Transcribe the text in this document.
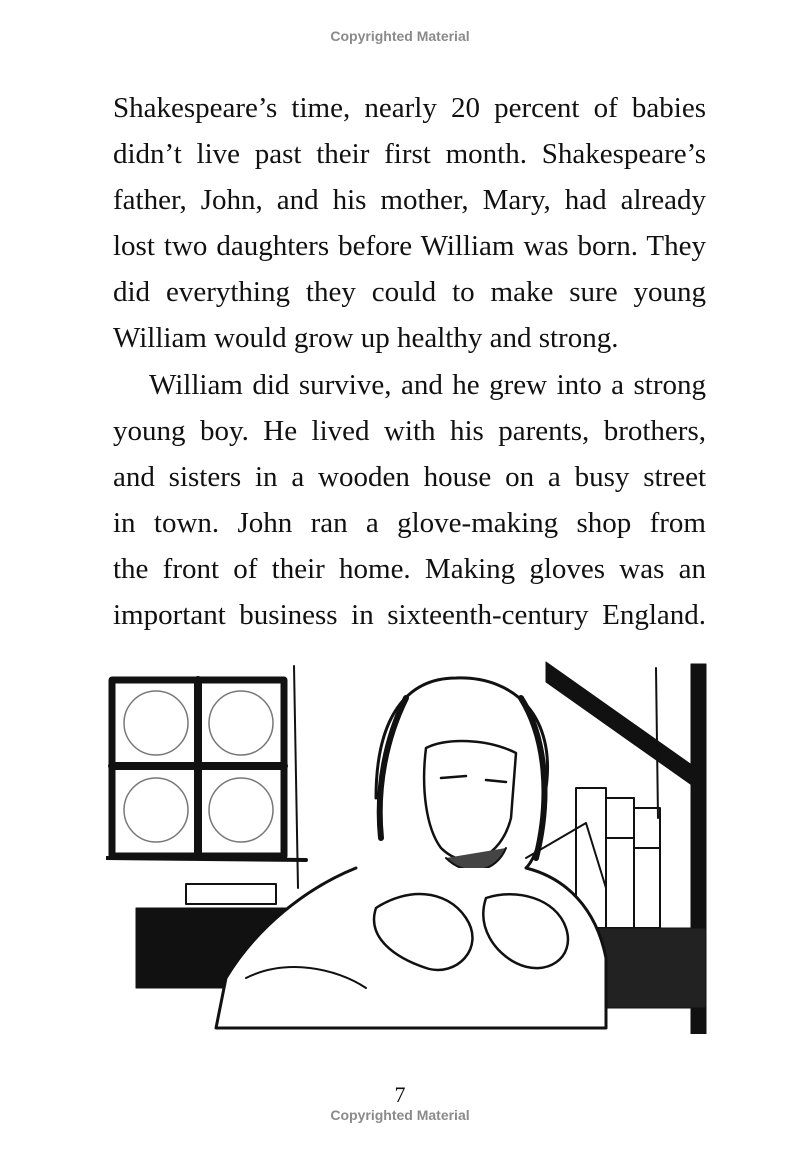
Copyrighted Material
Shakespeare’s time, nearly 20 percent of babies
didn’t live past their first month. Shakespeare’s
father, John, and his mother, Mary, had already
lost two daughters before William was born. They
did everything they could to make sure young
William would grow up healthy and strong.
William did survive, and he grew into a strong
young boy. He lived with his parents, brothers,
and sisters in a wooden house on a busy street
in town. John ran a glove-making shop from
the front of their home. Making gloves was an
important business in sixteenth-century England.
7
Copyrighted Material
